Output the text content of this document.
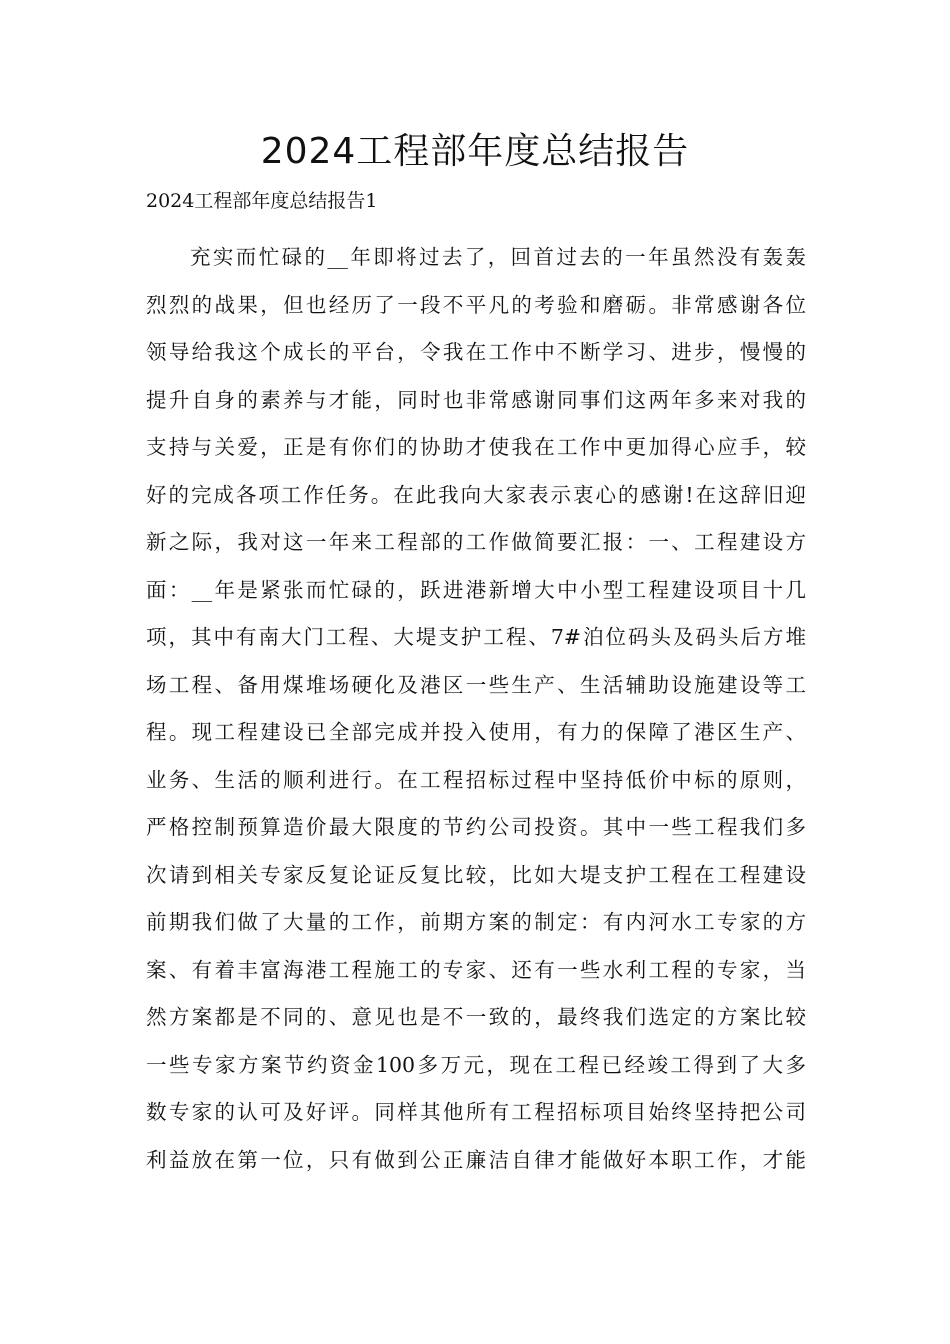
2024工程部年度总结报告
2024工程部年度总结报告1
充实而忙碌的__年即将过去了，回首过去的一年虽然没有轰轰
烈烈的战果，但也经历了一段不平凡的考验和磨砺。非常感谢各位
领导给我这个成长的平台，令我在工作中不断学习、进步，慢慢的
提升自身的素养与才能，同时也非常感谢同事们这两年多来对我的
支持与关爱，正是有你们的协助才使我在工作中更加得心应手，较
好的完成各项工作任务。在此我向大家表示衷心的感谢!在这辞旧迎
新之际，我对这一年来工程部的工作做简要汇报：一、工程建设方
面：__年是紧张而忙碌的，跃进港新增大中小型工程建设项目十几
项，其中有南大门工程、大堤支护工程、7#泊位码头及码头后方堆
场工程、备用煤堆场硬化及港区一些生产、生活辅助设施建设等工
程。现工程建设已全部完成并投入使用，有力的保障了港区生产、
业务、生活的顺利进行。在工程招标过程中坚持低价中标的原则，
严格控制预算造价最大限度的节约公司投资。其中一些工程我们多
次请到相关专家反复论证反复比较，比如大堤支护工程在工程建设
前期我们做了大量的工作，前期方案的制定：有内河水工专家的方
案、有着丰富海港工程施工的专家、还有一些水利工程的专家，当
然方案都是不同的、意见也是不一致的，最终我们选定的方案比较
一些专家方案节约资金100多万元，现在工程已经竣工得到了大多
数专家的认可及好评。同样其他所有工程招标项目始终坚持把公司
利益放在第一位，只有做到公正廉洁自律才能做好本职工作，才能
